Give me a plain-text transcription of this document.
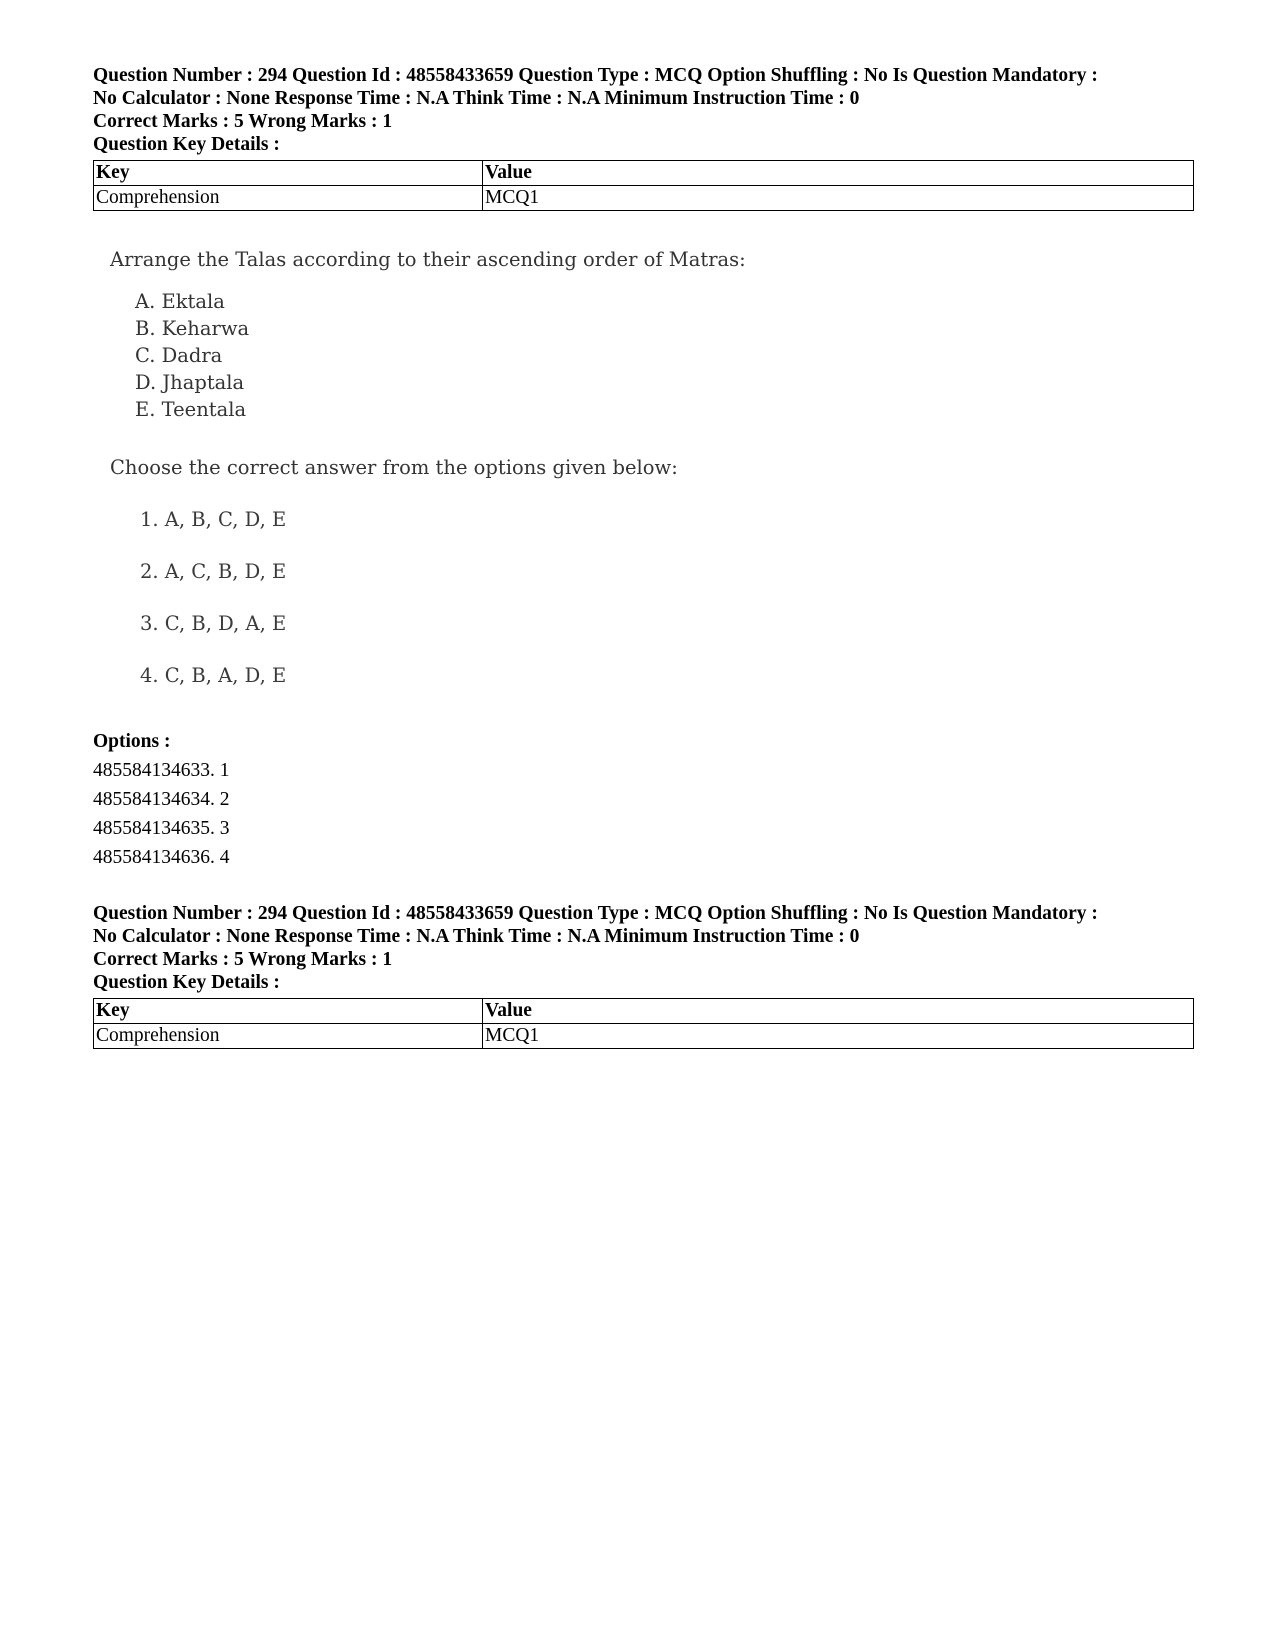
Question Number : 294 Question Id : 48558433659 Question Type : MCQ Option Shuffling : No Is Question Mandatory :

No Calculator : None Response Time : N.A Think Time : N.A Minimum Instruction Time : 0

Correct Marks : 5 Wrong Marks : 1

Question Key Details :

Key	Value
Comprehension	MCQ1
Arrange the Talas according to their ascending order of Matras:
A. Ektala
B. Keharwa
C. Dadra
D. Jhaptala
E. Teentala
Choose the correct answer from the options given below:
1. A, B, C, D, E
2. A, C, B, D, E
3. C, B, D, A, E
4. C, B, A, D, E
Options :
485584134633. 1
485584134634. 2
485584134635. 3
485584134636. 4

Question Number : 294 Question Id : 48558433659 Question Type : MCQ Option Shuffling : No Is Question Mandatory :

No Calculator : None Response Time : N.A Think Time : N.A Minimum Instruction Time : 0

Correct Marks : 5 Wrong Marks : 1

Question Key Details :

Key	Value
Comprehension	MCQ1
